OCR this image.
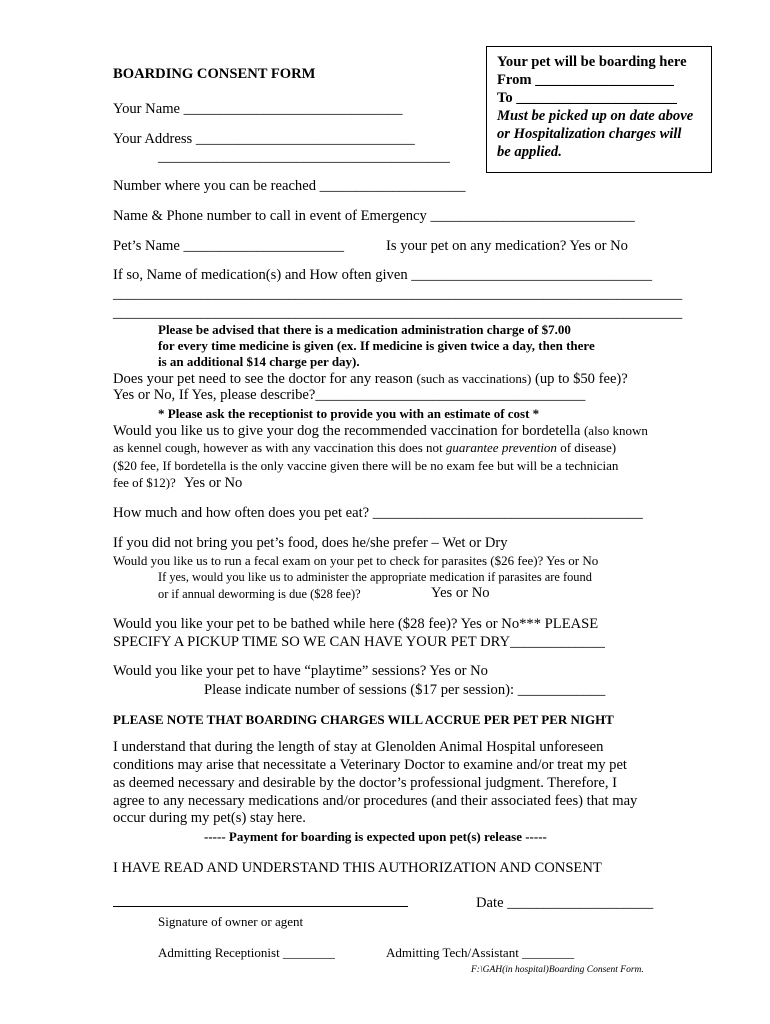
Your pet will be boarding here
From ___________________
To ______________________
Must be picked up on date above
or Hospitalization charges will
be applied.
BOARDING CONSENT FORM
Your Name ______________________________
Your Address ______________________________
________________________________________
Number where you can be reached ____________________
Name & Phone number to call in event of Emergency ____________________________
Pet’s Name ______________________	Is your pet on any medication? Yes or No
If so, Name of medication(s) and How often given _________________________________
______________________________________________________________________________
______________________________________________________________________________
Please be advised that there is a medication administration charge of $7.00
for every time medicine is given (ex. If medicine is given twice a day, then there
is an additional $14 charge per day).
Does your pet need to see the doctor for any reason (such as vaccinations) (up to $50 fee)?
Yes or No, If Yes, please describe?_____________________________________
* Please ask the receptionist to provide you with an estimate of cost *
Would you like us to give your dog the recommended vaccination for bordetella (also known
as kennel cough, however as with any vaccination this does not guarantee prevention of disease)
($20 fee, If bordetella is the only vaccine given there will be no exam fee but will be a technician
fee of $12)? Yes or No
How much and how often does you pet eat? _____________________________________
If you did not bring you pet’s food, does he/she prefer – Wet or Dry
Would you like us to run a fecal exam on your pet to check for parasites ($26 fee)? Yes or No
If yes, would you like us to administer the appropriate medication if parasites are found
or if annual deworming is due ($28 fee)?	Yes or No
Would you like your pet to be bathed while here ($28 fee)? Yes or No*** PLEASE
SPECIFY A PICKUP TIME SO WE CAN HAVE YOUR PET DRY_____________
Would you like your pet to have “playtime” sessions? Yes or No
Please indicate number of sessions ($17 per session): ____________
PLEASE NOTE THAT BOARDING CHARGES WILL ACCRUE PER PET PER NIGHT
I understand that during the length of stay at Glenolden Animal Hospital unforeseen
conditions may arise that necessitate a Veterinary Doctor to examine and/or treat my pet
as deemed necessary and desirable by the doctor’s professional judgment. Therefore, I
agree to any necessary medications and/or procedures (and their associated fees) that may
occur during my pet(s) stay here.
----- Payment for boarding is expected upon pet(s) release -----
I HAVE READ AND UNDERSTAND THIS AUTHORIZATION AND CONSENT
Date ____________________
Signature of owner or agent
Admitting Receptionist ________	Admitting Tech/Assistant ________
F:\GAH(in hospital)Boarding Consent Form.
